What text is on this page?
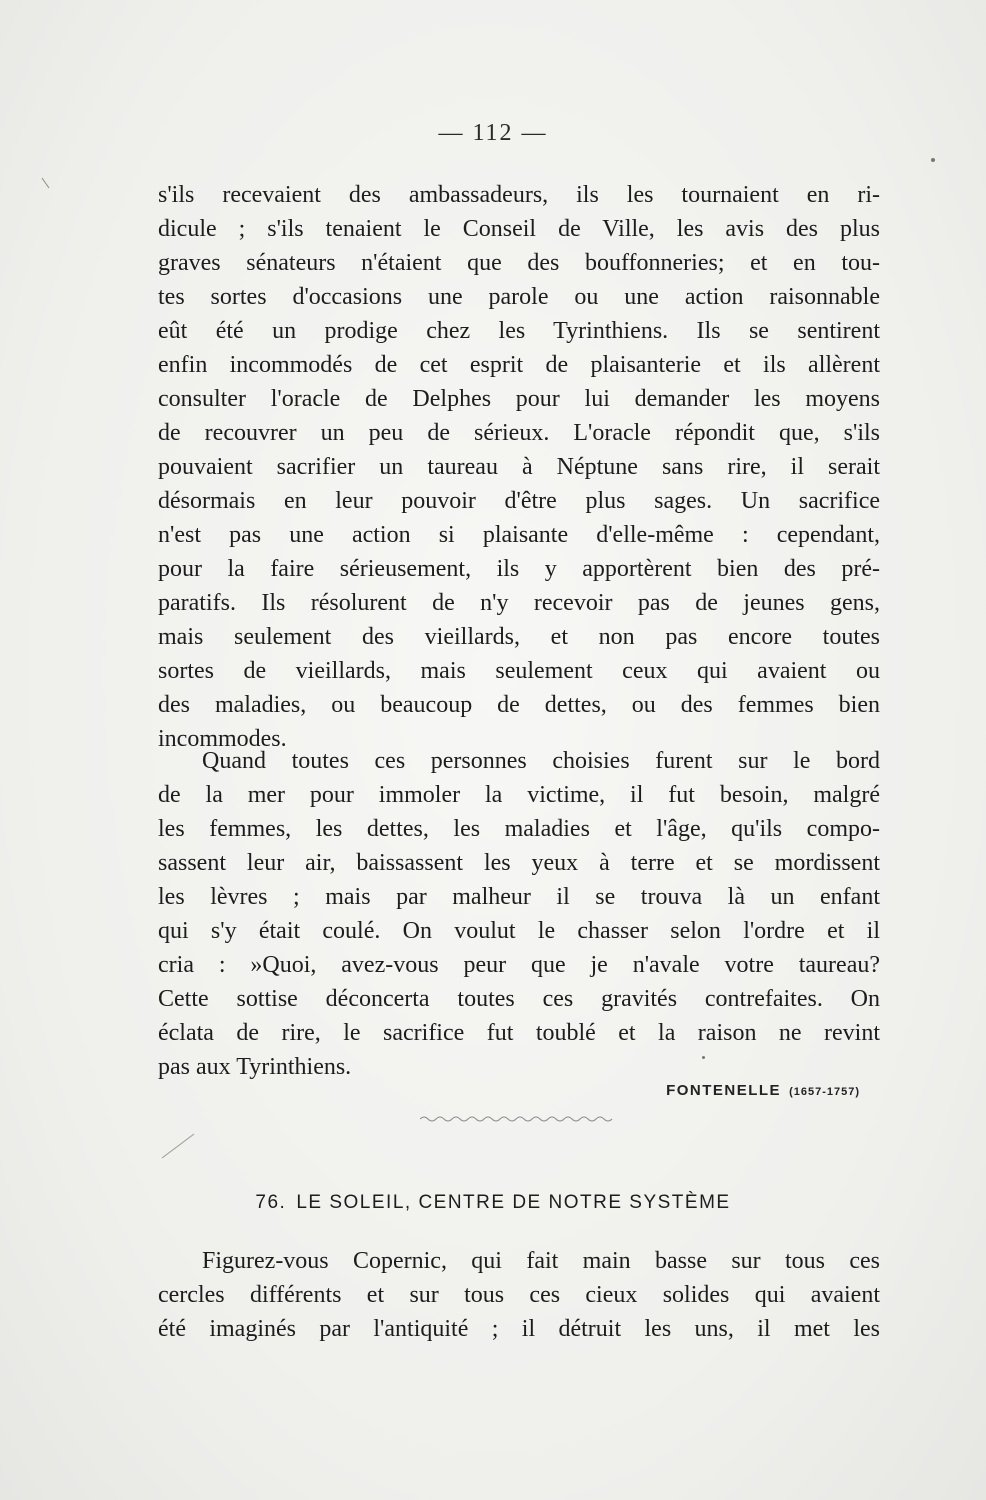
— 112 —
s'ils recevaient des ambassadeurs, ils les tournaient en ri-
dicule ; s'ils tenaient le Conseil de Ville, les avis des plus
graves sénateurs n'étaient que des bouffonneries; et en tou-
tes sortes d'occasions une parole ou une action raisonnable
eût été un prodige chez les Tyrinthiens. Ils se sentirent
enfin incommodés de cet esprit de plaisanterie et ils allèrent
consulter l'oracle de Delphes pour lui demander les moyens
de recouvrer un peu de sérieux. L'oracle répondit que, s'ils
pouvaient sacrifier un taureau à Néptune sans rire, il serait
désormais en leur pouvoir d'être plus sages. Un sacrifice
n'est pas une action si plaisante d'elle-même : cependant,
pour la faire sérieusement, ils y apportèrent bien des pré-
paratifs. Ils résolurent de n'y recevoir pas de jeunes gens,
mais seulement des vieillards, et non pas encore toutes
sortes de vieillards, mais seulement ceux qui avaient ou
des maladies, ou beaucoup de dettes, ou des femmes bien
incommodes.
Quand toutes ces personnes choisies furent sur le bord
de la mer pour immoler la victime, il fut besoin, malgré
les femmes, les dettes, les maladies et l'âge, qu'ils compo-
sassent leur air, baissassent les yeux à terre et se mordissent
les lèvres ; mais par malheur il se trouva là un enfant
qui s'y était coulé. On voulut le chasser selon l'ordre et il
cria : »Quoi, avez-vous peur que je n'avale votre taureau?
Cette sottise déconcerta toutes ces gravités contrefaites. On
éclata de rire, le sacrifice fut toublé et la raison ne revint
pas aux Tyrinthiens.
FONTENELLE (1657-1757)
76. LE SOLEIL, CENTRE DE NOTRE SYSTÈME
Figurez-vous Copernic, qui fait main basse sur tous ces
cercles différents et sur tous ces cieux solides qui avaient
été imaginés par l'antiquité ; il détruit les uns, il met les
